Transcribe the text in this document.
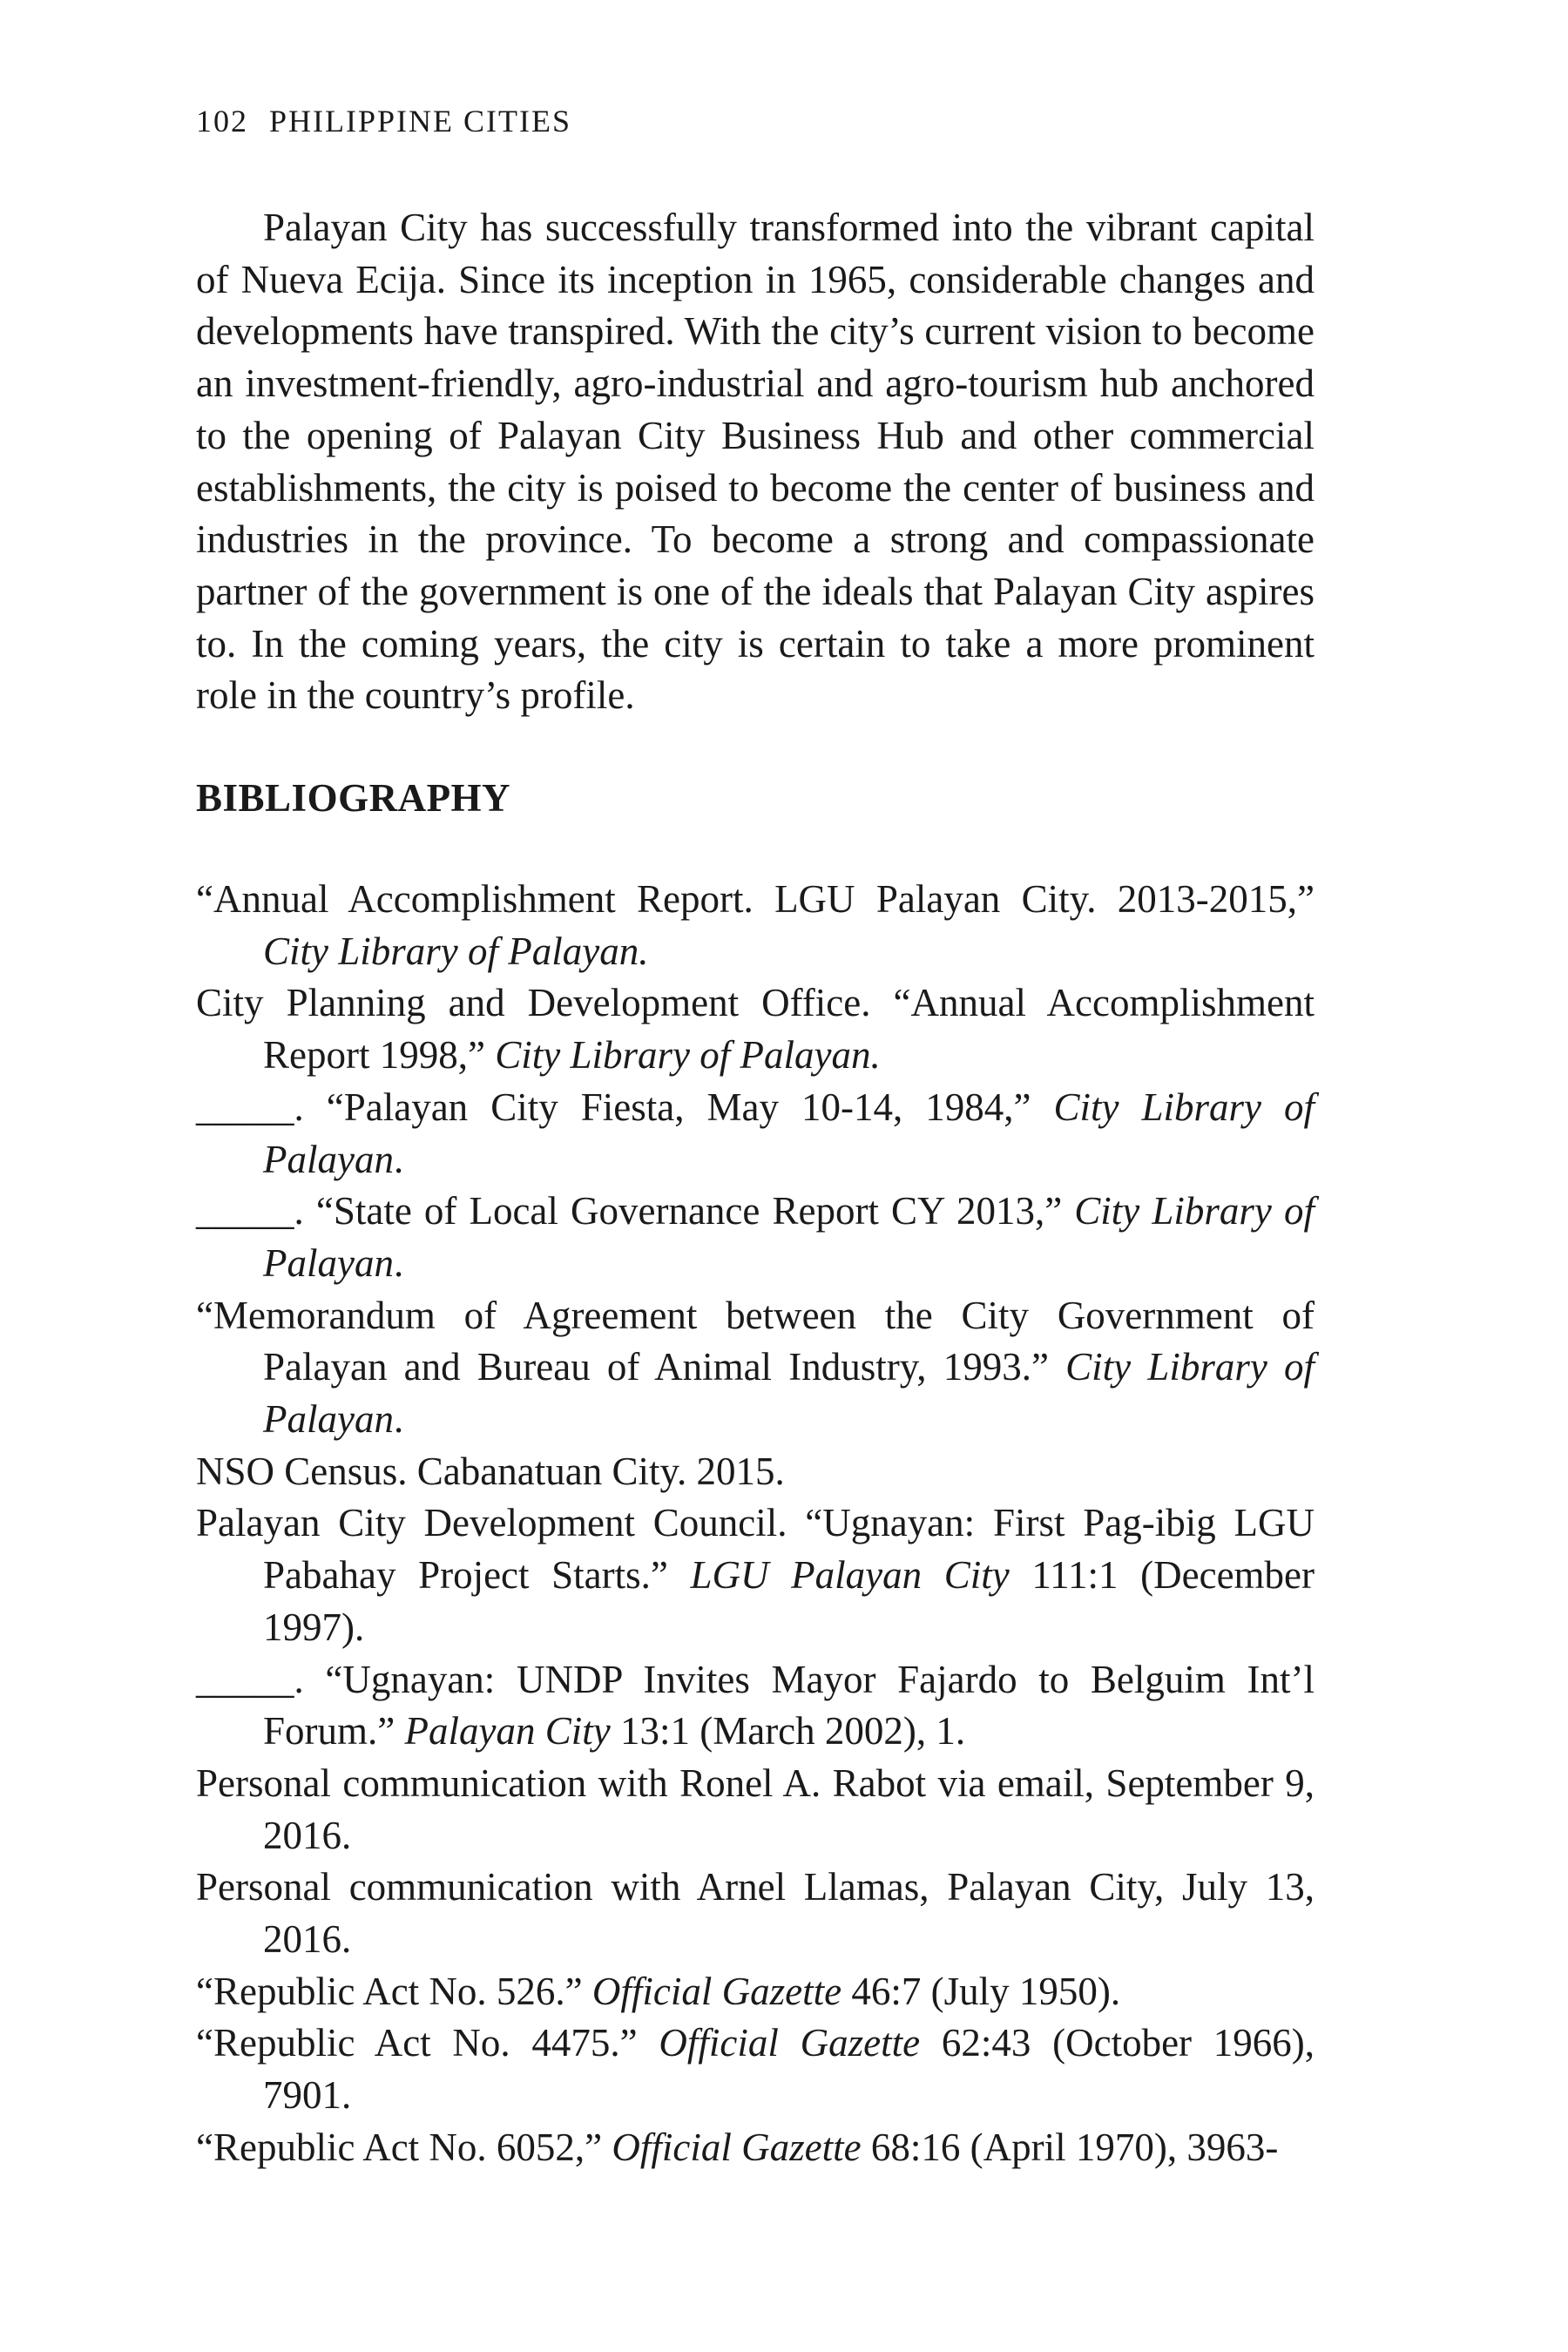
102 PHILIPPINE CITIES

Palayan City has successfully transformed into the vibrant capital of Nueva Ecija. Since its inception in 1965, considerable changes and developments have transpired. With the city’s current vision to become an investment-friendly, agro-industrial and agro-tourism hub anchored to the opening of Palayan City Business Hub and other commercial establishments, the city is poised to become the center of business and industries in the province. To become a strong and compassionate partner of the government is one of the ideals that Palayan City aspires to. In the coming years, the city is certain to take a more prominent role in the country’s profile.

BIBLIOGRAPHY
“Annual Accomplishment Report. LGU Palayan City. 2013-2015,” City Library of Palayan.
City Planning and Development Office. “Annual Accomplishment Report 1998,” City Library of Palayan.
_____. “Palayan City Fiesta, May 10-14, 1984,” City Library of Palayan.
_____. “State of Local Governance Report CY 2013,” City Library of Palayan.
“Memorandum of Agreement between the City Government of Palayan and Bureau of Animal Industry, 1993.” City Library of Palayan.
NSO Census. Cabanatuan City. 2015.
Palayan City Development Council. “Ugnayan: First Pag-ibig LGU Pabahay Project Starts.” LGU Palayan City 111:1 (December 1997).
_____. “Ugnayan: UNDP Invites Mayor Fajardo to Belguim Int’l Forum.” Palayan City 13:1 (March 2002), 1.
Personal communication with Ronel A. Rabot via email, September 9, 2016.
Personal communication with Arnel Llamas, Palayan City, July 13, 2016.
“Republic Act No. 526.” Official Gazette 46:7 (July 1950).
“Republic Act No. 4475.” Official Gazette 62:43 (October 1966), 7901.
“Republic Act No. 6052,” Official Gazette 68:16 (April 1970), 3963-
